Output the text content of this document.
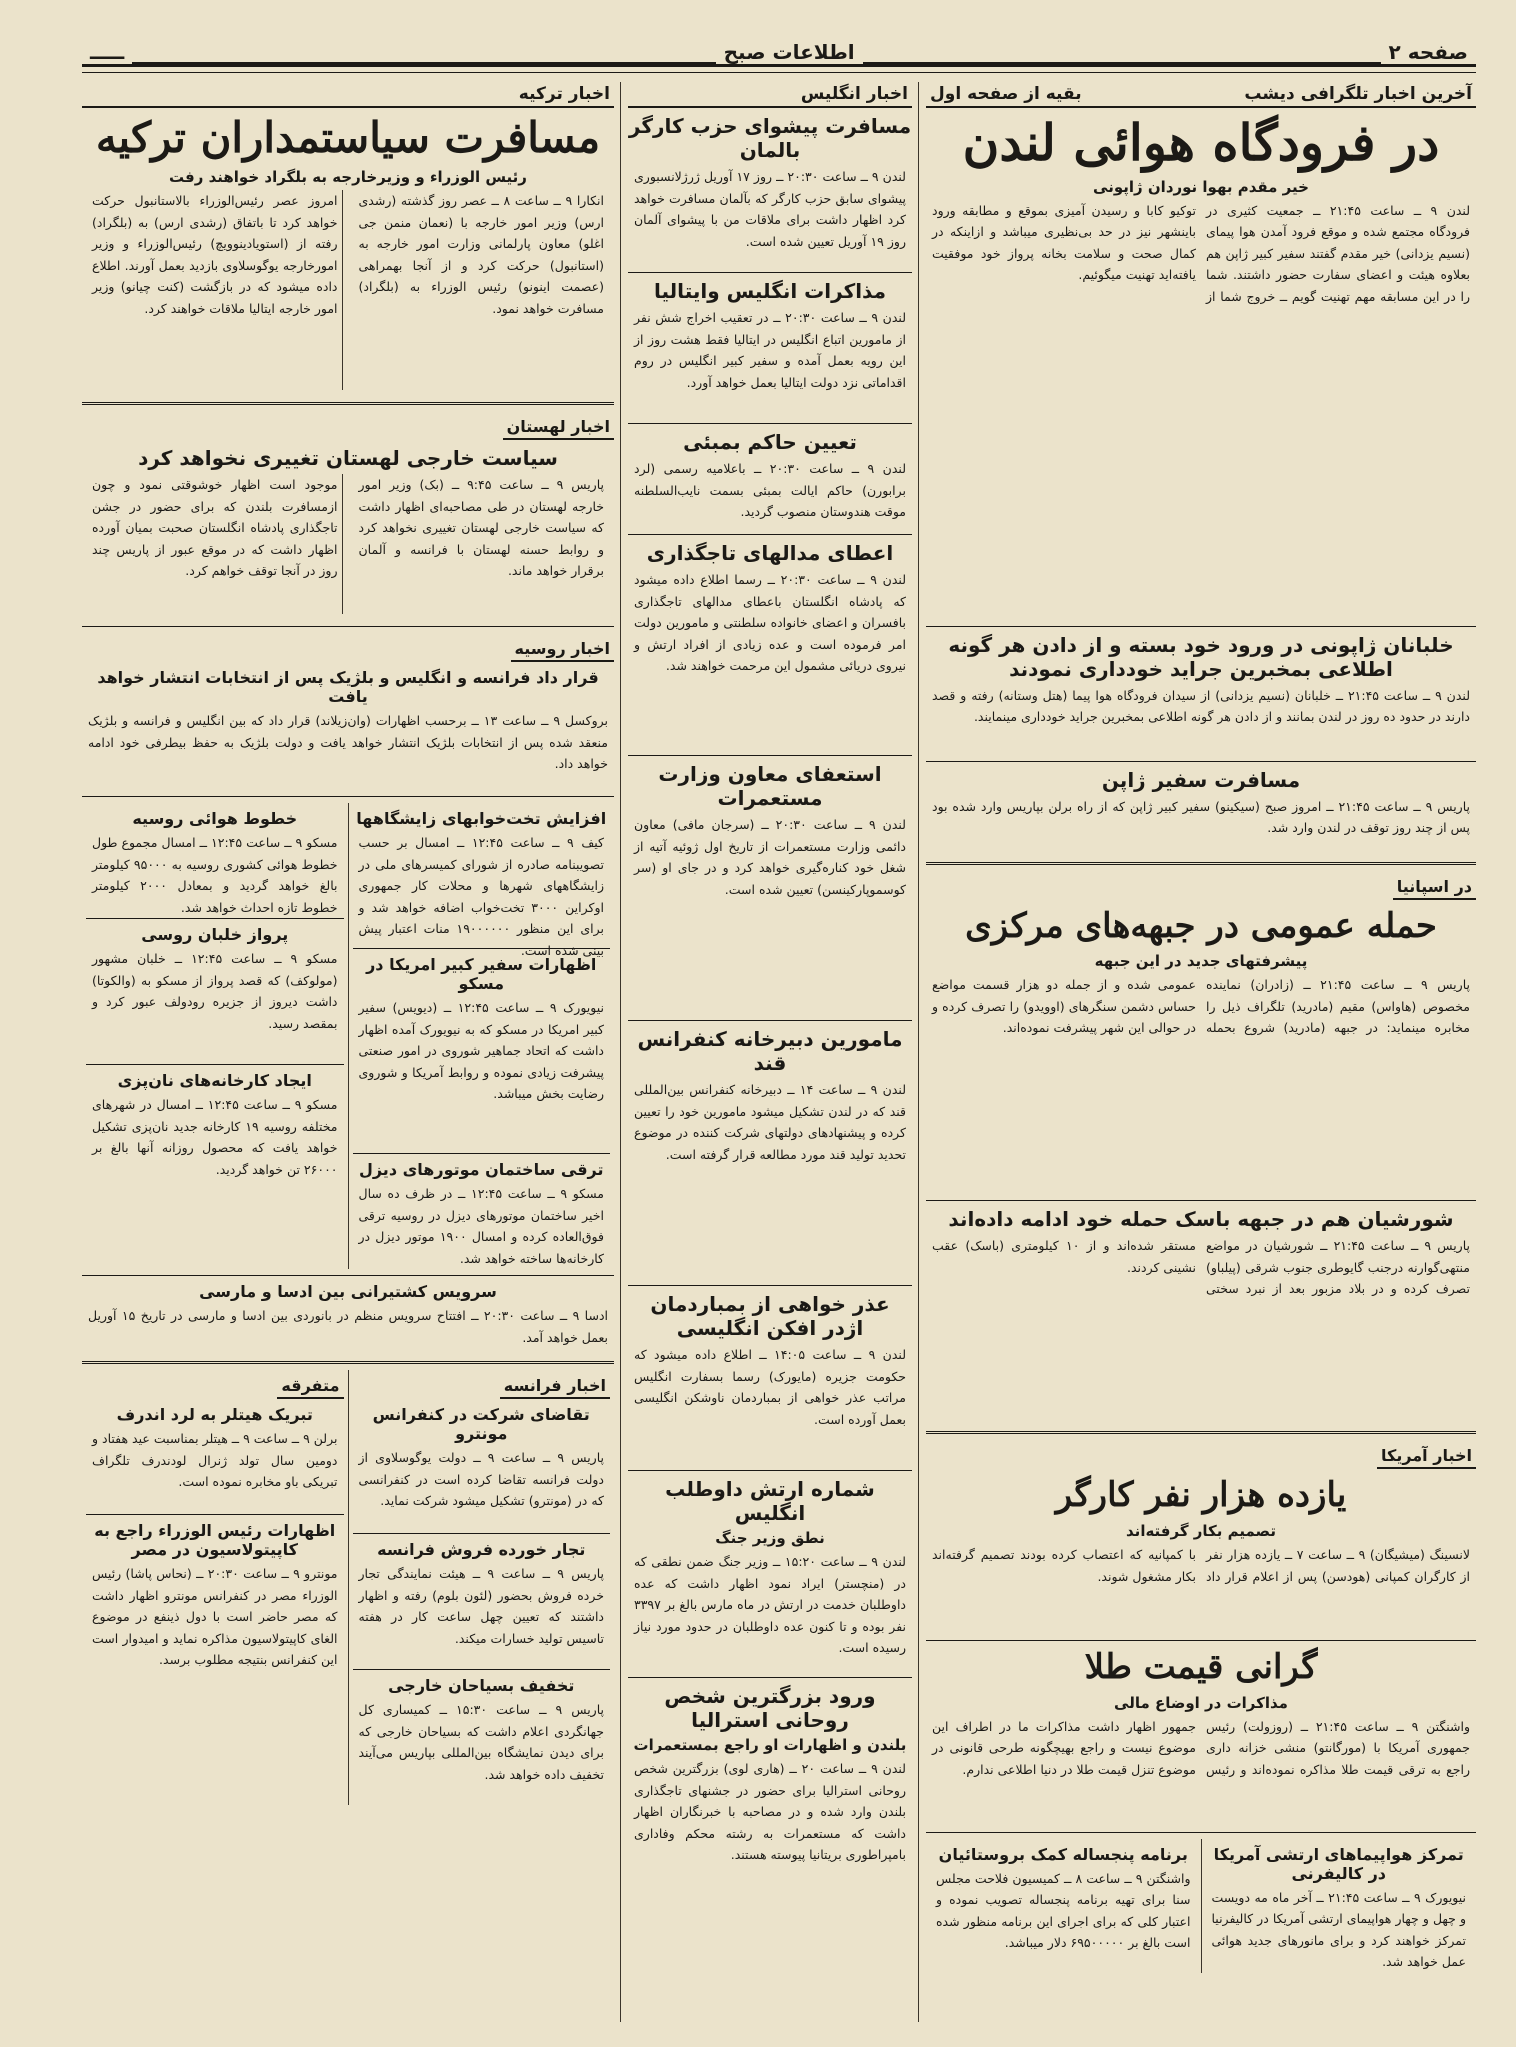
صفحه ۲
اطلاعات صبح
ـــــ
آخرین اخبار تلگرافی دیشب
بقیه از صفحه اول
در فرودگاه هوائی لندن
خیر مقدم بهوا نوردان ژاپونی
لندن ۹ ــ ساعت ۲۱:۴۵ ــ جمعیت کثیری در فرودگاه مجتمع شده و موقع فرود آمدن هوا پیمای (نسیم یزدانی) خیر مقدم گفتند سفیر کبیر ژاپن هم بعلاوه هیئت و اعضای سفارت حضور داشتند. شما را در این مسابقه مهم تهنیت گویم ــ خروج شما از توکیو کابا و رسیدن آمیزی بموقع و مطابقه ورود باینشهر نیز در حد بی‌نظیری میباشد و ازاینکه در کمال صحت و سلامت بخانه پرواز خود موفقیت یافته‌اید تهنیت میگوئیم.
خلبانان ژاپونی در ورود خود بسته و از دادن هر گونه اطلاعی بمخبرین جراید خودداری نمودند
لندن ۹ ــ ساعت ۲۱:۴۵ ــ خلبانان (نسیم یزدانی) از سیدان فرودگاه هوا پیما (هتل وستانه) رفته و قصد دارند در حدود ده روز در لندن بمانند و از دادن هر گونه اطلاعی بمخبرین جراید خودداری مینمایند.
مسافرت سفیر ژاپن
پاریس ۹ ــ ساعت ۲۱:۴۵ ــ امروز صبح (سیکینو) سفیر کبیر ژاپن که از راه برلن بپاریس وارد شده بود پس از چند روز توقف در لندن وارد شد.
در اسپانیا
حمله عمومی در جبهه‌های مرکزی
پیشرفتهای جدید در این جبهه
پاریس ۹ ــ ساعت ۲۱:۴۵ ــ (زادران) نماینده مخصوص (هاواس) مقیم (مادرید) تلگراف ذیل را مخابره مینماید: در جبهه (مادرید) شروع بحمله عمومی شده و از جمله دو هزار قسمت مواضع حساس دشمن سنگرهای (اوویدو) را تصرف کرده و در حوالی این شهر پیشرفت نموده‌اند.
شورشیان هم در جبهه باسک حمله خود ادامه داده‌اند
پاریس ۹ ــ ساعت ۲۱:۴۵ ــ شورشیان در مواضع منتهی‌گوارنه درجنب گایوطری جنوب شرقی (پیلباو) تصرف کرده و در بلاد مزبور بعد از نبرد سختی مستقر شده‌اند و از ۱۰ کیلومتری (باسک) عقب نشینی کردند.
اخبار آمریکا
یازده هزار نفر کارگر
تصمیم بکار گرفته‌اند
لانسینگ (میشیگان) ۹ ــ ساعت ۷ ــ یازده هزار نفر از کارگران کمپانی (هودسن) پس از اعلام قرار داد با کمپانیه که اعتصاب کرده بودند تصمیم گرفته‌اند بکار مشغول شوند.
گرانی قیمت طلا
مذاکرات در اوضاع مالی
واشنگتن ۹ ــ ساعت ۲۱:۴۵ ــ (روزولت) رئیس جمهوری آمریکا با (مورگانتو) منشی خزانه داری راجع به ترقی قیمت طلا مذاکره نموده‌اند و رئیس جمهور اظهار داشت مذاکرات ما در اطراف این موضوع نیست و راجع بهیچگونه طرحی قانونی در موضوع تنزل قیمت طلا در دنیا اطلاعی ندارم.
تمرکز هواپیماهای ارتشی آمریکا در کالیفرنی
نیویورک ۹ ــ ساعت ۲۱:۴۵ ــ آخر ماه مه دویست و چهل و چهار هواپیمای ارتشی آمریکا در کالیفرنیا تمرکز خواهند کرد و برای مانورهای جدید هوائی عمل خواهد شد.
برنامه پنجساله کمک بروستائیان
واشنگتن ۹ ــ ساعت ۸ ــ کمیسیون فلاحت مجلس سنا برای تهیه برنامه پنجساله تصویب نموده و اعتبار کلی که برای اجرای این برنامه منظور شده است بالغ بر ۶۹۵۰۰۰۰۰ دلار میباشد.
اخبار انگلیس
مسافرت پیشوای حزب کارگر بالمان
لندن ۹ ــ ساعت ۲۰:۳۰ ــ روز ۱۷ آوریل ژرژلانسبوری پیشوای سابق حزب کارگر که بآلمان مسافرت خواهد کرد اظهار داشت برای ملاقات من با پیشوای آلمان روز ۱۹ آوریل تعیین شده است.
مذاکرات انگلیس وایتالیا
لندن ۹ ــ ساعت ۲۰:۳۰ ــ در تعقیب اخراج شش نفر از مامورین اتباع انگلیس در ایتالیا فقط هشت روز از این رویه بعمل آمده و سفیر کبیر انگلیس در روم اقداماتی نزد دولت ایتالیا بعمل خواهد آورد.
تعیین حاکم بمبئی
لندن ۹ ــ ساعت ۲۰:۳۰ ــ باعلامیه رسمی (لرد برابورن) حاکم ایالت بمبئی بسمت نایب‌السلطنه موقت هندوستان منصوب گردید.
اعطای مدالهای تاجگذاری
لندن ۹ ــ ساعت ۲۰:۳۰ ــ رسما اطلاع داده میشود که پادشاه انگلستان باعطای مدالهای تاجگذاری بافسران و اعضای خانواده سلطنتی و مامورین دولت امر فرموده است و عده زیادی از افراد ارتش و نیروی دریائی مشمول این مرحمت خواهند شد.
استعفای معاون وزارت مستعمرات
لندن ۹ ــ ساعت ۲۰:۳۰ ــ (سرجان مافی) معاون دائمی وزارت مستعمرات از تاریخ اول ژوئیه آتیه از شغل خود کناره‌گیری خواهد کرد و در جای او (سر کوسموپارکینسن) تعیین شده است.
مامورین دبیرخانه کنفرانس قند
لندن ۹ ــ ساعت ۱۴ ــ دبیرخانه کنفرانس بین‌المللی قند که در لندن تشکیل میشود مامورین خود را تعیین کرده و پیشنهادهای دولتهای شرکت کننده در موضوع تحدید تولید قند مورد مطالعه قرار گرفته است.
عذر خواهی از بمباردمان اژدر افکن انگلیسی
لندن ۹ ــ ساعت ۱۴:۰۵ ــ اطلاع داده میشود که حکومت جزیره (مایورک) رسما بسفارت انگلیس مراتب عذر خواهی از بمباردمان ناوشکن انگلیسی بعمل آورده است.
شماره ارتش داوطلب انگلیس
نطق وزیر جنگ
لندن ۹ ــ ساعت ۱۵:۲۰ ــ وزیر جنگ ضمن نطقی که در (منچستر) ایراد نمود اظهار داشت که عده داوطلبان خدمت در ارتش در ماه مارس بالغ بر ۳۳۹۷ نفر بوده و تا کنون عده داوطلبان در حدود مورد نیاز رسیده است.
ورود بزرگترین شخص روحانی استرالیا
بلندن و اظهارات او راجع بمستعمرات
لندن ۹ ــ ساعت ۲۰ ــ (هاری لوی) بزرگترین شخص روحانی استرالیا برای حضور در جشنهای تاجگذاری بلندن وارد شده و در مصاحبه با خبرنگاران اظهار داشت که مستعمرات به رشته محکم وفاداری بامپراطوری بریتانیا پیوسته هستند.
اخبار ترکیه
مسافرت سیاستمداران ترکیه
رئیس الوزراء و وزیرخارجه به بلگراد خواهند رفت
انکارا ۹ ــ ساعت ۸ ــ عصر روز گذشته (رشدی ارس) وزیر امور خارجه با (نعمان منمن جی اغلو) معاون پارلمانی وزارت امور خارجه به (استانبول) حرکت کرد و از آنجا بهمراهی (عصمت اینونو) رئیس الوزراء به (بلگراد) مسافرت خواهد نمود.
امروز عصر رئیس‌الوزراء بالاستانبول حرکت خواهد کرد تا باتفاق (رشدی ارس) به (بلگراد) رفته از (استویادینوویچ) رئیس‌الوزراء و وزیر امورخارجه یوگوسلاوی بازدید بعمل آورند. اطلاع داده میشود که در بازگشت (کنت چیانو) وزیر امور خارجه ایتالیا ملاقات خواهند کرد.
اخبار لهستان
سیاست خارجی لهستان تغییری نخواهد کرد
پاریس ۹ ــ ساعت ۹:۴۵ ــ (بک) وزیر امور خارجه لهستان در طی مصاحبه‌ای اظهار داشت که سیاست خارجی لهستان تغییری نخواهد کرد و روابط حسنه لهستان با فرانسه و آلمان برقرار خواهد ماند.
موجود است اظهار خوشوقتی نمود و چون ازمسافرت بلندن که برای حضور در جشن تاجگذاری پادشاه انگلستان صحبت بمیان آورده اظهار داشت که در موقع عبور از پاریس چند روز در آنجا توقف خواهم کرد.
اخبار روسیه
قرار داد فرانسه و انگلیس و بلژیک پس از انتخابات انتشار خواهد یافت
بروکسل ۹ ــ ساعت ۱۳ ــ برحسب اظهارات (وان‌زیلاند) قرار داد که بین انگلیس و فرانسه و بلژیک منعقد شده پس از انتخابات بلژیک انتشار خواهد یافت و دولت بلژیک به حفظ بیطرفی خود ادامه خواهد داد.
افزایش تخت‌خوابهای زایشگاهها
کیف ۹ ــ ساعت ۱۲:۴۵ ــ امسال بر حسب تصویبنامه صادره از شورای کمیسرهای ملی در زایشگاههای شهرها و محلات کار جمهوری اوکراین ۳۰۰۰ تخت‌خواب اضافه خواهد شد و برای این منظور ۱۹۰۰۰۰۰۰ منات اعتبار پیش بینی شده است.
اظهارات سفیر کبیر امریکا در مسکو
نیویورک ۹ ــ ساعت ۱۲:۴۵ ــ (دیویس) سفیر کبیر امریکا در مسکو که به نیویورک آمده اظهار داشت که اتحاد جماهیر شوروی در امور صنعتی پیشرفت زیادی نموده و روابط آمریکا و شوروی رضایت بخش میباشد.
ترقی ساختمان موتورهای دیزل
مسکو ۹ ــ ساعت ۱۲:۴۵ ــ در ظرف ده سال اخیر ساختمان موتورهای دیزل در روسیه ترقی فوق‌العاده کرده و امسال ۱۹۰۰ موتور دیزل در کارخانه‌ها ساخته خواهد شد.
خطوط هوائی روسیه
مسکو ۹ ــ ساعت ۱۲:۴۵ ــ امسال مجموع طول خطوط هوائی کشوری روسیه به ۹۵۰۰۰ کیلومتر بالغ خواهد گردید و بمعادل ۲۰۰۰ کیلومتر خطوط تازه احداث خواهد شد.
پرواز خلبان روسی
مسکو ۹ ــ ساعت ۱۲:۴۵ ــ خلبان مشهور (مولوکف) که قصد پرواز از مسکو به (والکوتا) داشت دیروز از جزیره رودولف عبور کرد و بمقصد رسید.
ایجاد کارخانه‌های نان‌پزی
مسکو ۹ ــ ساعت ۱۲:۴۵ ــ امسال در شهرهای مختلفه روسیه ۱۹ کارخانه جدید نان‌پزی تشکیل خواهد یافت که محصول روزانه آنها بالغ بر ۲۶۰۰۰ تن خواهد گردید.
سرویس کشتیرانی بین ادسا و مارسی
ادسا ۹ ــ ساعت ۲۰:۳۰ ــ افتتاح سرویس منظم در بانوردی بین ادسا و مارسی در تاریخ ۱۵ آوریل بعمل خواهد آمد.
اخبار فرانسه
تقاضای شرکت در کنفرانس مونترو
پاریس ۹ ــ ساعت ۹ ــ دولت یوگوسلاوی از دولت فرانسه تقاضا کرده است در کنفرانسی که در (مونترو) تشکیل میشود شرکت نماید.
تجار خورده فروش فرانسه
پاریس ۹ ــ ساعت ۹ ــ هیئت نمایندگی تجار خرده فروش بحضور (لئون بلوم) رفته و اظهار داشتند که تعیین چهل ساعت کار در هفته تاسیس تولید خسارات میکند.
تخفیف بسیاحان خارجی
پاریس ۹ ــ ساعت ۱۵:۳۰ ــ کمیساری کل جهانگردی اعلام داشت که بسیاحان خارجی که برای دیدن نمایشگاه بین‌المللی بپاریس می‌آیند تخفیف داده خواهد شد.
متفرقه
تبریک هیتلر به لرد اندرف
برلن ۹ ــ ساعت ۹ ــ هیتلر بمناسبت عید هفتاد و دومین سال تولد ژنرال لودندرف تلگراف تبریکی باو مخابره نموده است.
اظهارات رئیس الوزراء راجع به کاپیتولاسیون در مصر
مونترو ۹ ــ ساعت ۲۰:۳۰ ــ (نحاس پاشا) رئیس الوزراء مصر در کنفرانس مونترو اظهار داشت که مصر حاضر است با دول ذینفع در موضوع الغای کاپیتولاسیون مذاکره نماید و امیدوار است این کنفرانس بنتیجه مطلوب برسد.
